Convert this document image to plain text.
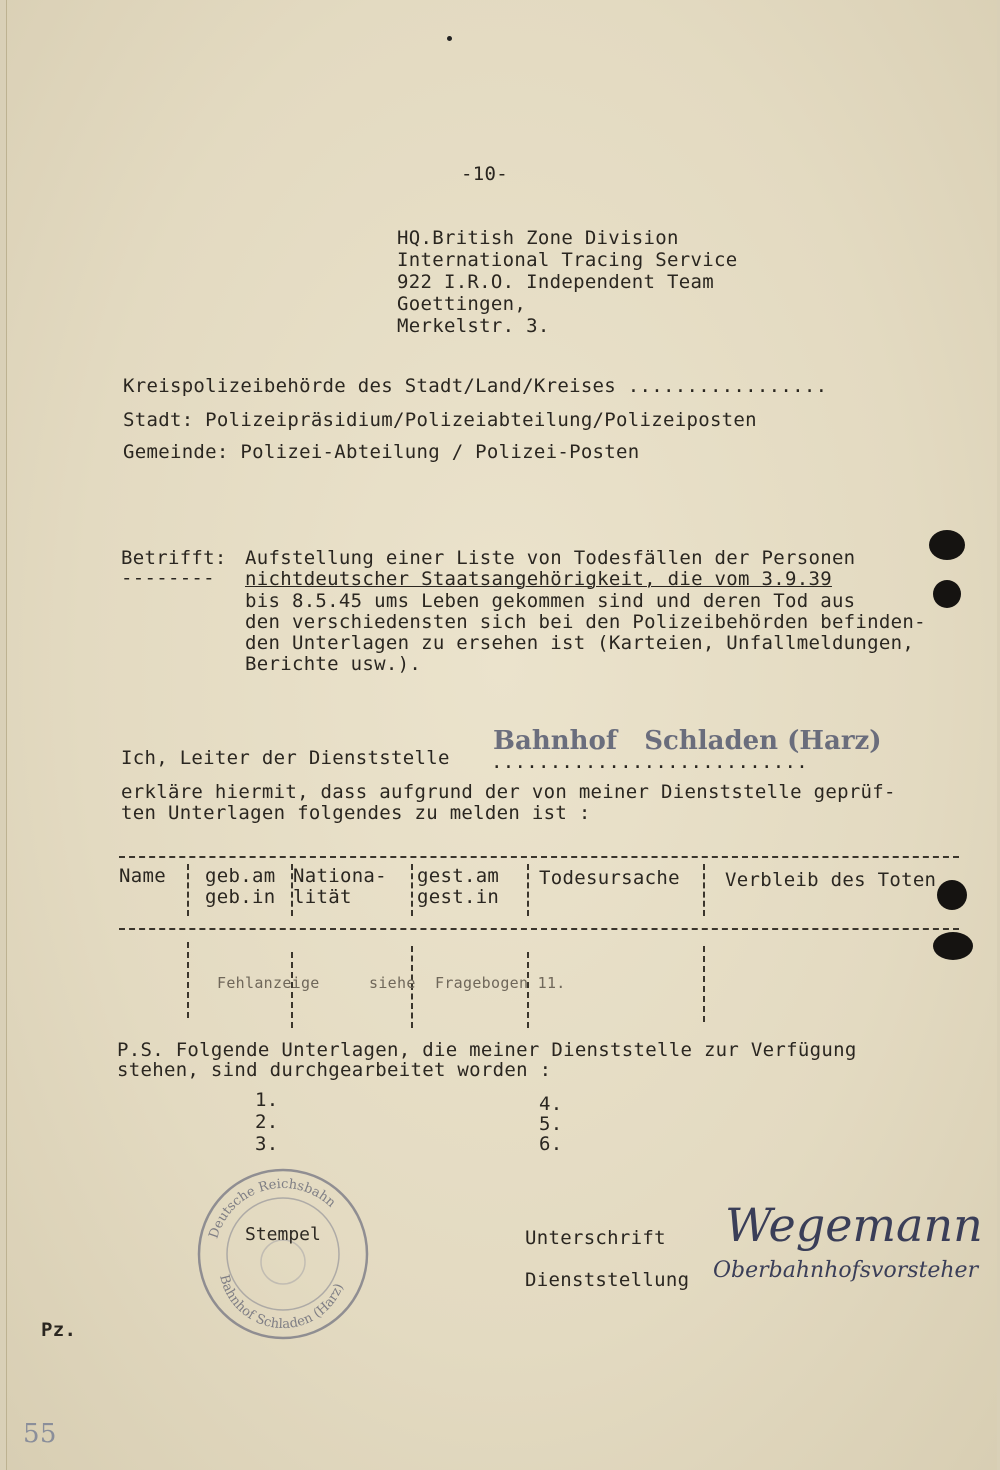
-10-
HQ.British Zone Division
International Tracing Service
922 I.R.O. Independent Team
Goettingen,
Merkelstr. 3.
Kreispolizeibehörde des Stadt/Land/Kreises .................
Stadt: Polizeipräsidium/Polizeiabteilung/Polizeiposten
Gemeinde: Polizei-Abteilung / Polizei-Posten
Betrifft:
--------
Aufstellung einer Liste von Todesfällen der Personen
nichtdeutscher Staatsangehörigkeit, die vom 3.9.39
bis 8.5.45 ums Leben gekommen sind und deren Tod aus
den verschiedensten sich bei den Polizeibehörden befinden-
den Unterlagen zu ersehen ist (Karteien, Unfallmeldungen,
Berichte usw.).
Ich, Leiter der Dienststelle ...........................
Bahnhof   Schladen (Harz)
erkläre hiermit, dass aufgrund der von meiner Dienststelle geprüf-
ten Unterlagen folgendes zu melden ist :
Name geb.am
geb.in
Nationa-
lität
gest.am
gest.in
Todesursache Verbleib des Toten
Fehlanzeige	siehe Fragebogen 11.
P.S. Folgende Unterlagen, die meiner Dienststelle zur Verfügung
stehen, sind durchgearbeitet worden :
1.
2.
3.
4.
5.
6.
Deutsche Reichsbahn
Bahnhof Schladen (Harz)
Stempel	Unterschrift
Dienststellung
Wegemann
Oberbahnhofsvorsteher
Pz.
55
